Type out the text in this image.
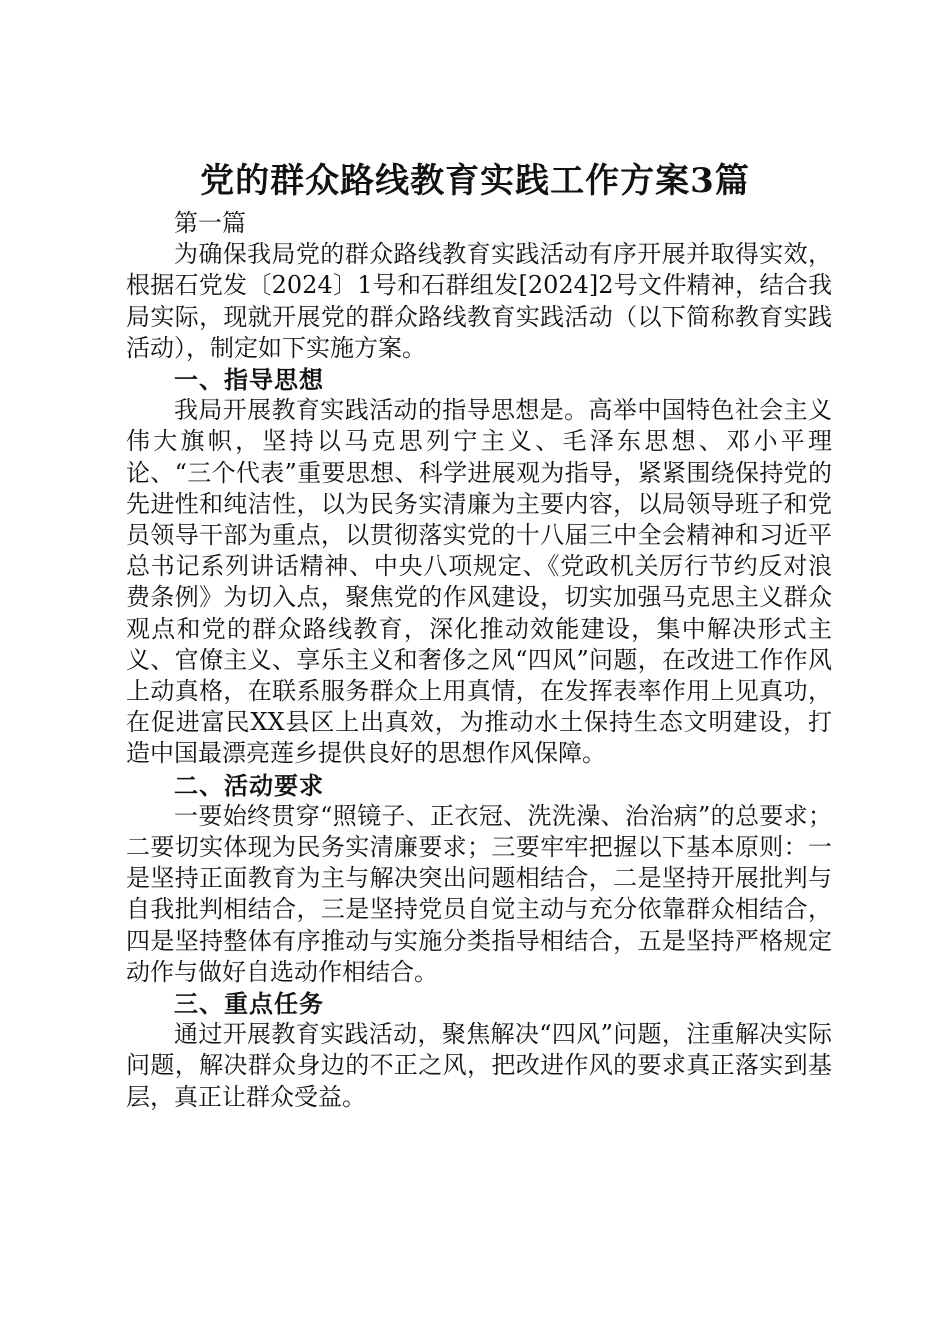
党的群众路线教育实践工作方案3篇

第一篇

为确保我局党的群众路线教育实践活动有序开展并取得实效，根据石党发〔2024〕1号和石群组发[2024]2号文件精神，结合我局实际，现就开展党的群众路线教育实践活动（以下简称教育实践活动），制定如下实施方案。

一、指导思想

我局开展教育实践活动的指导思想是。高举中国特色社会主义伟大旗帜，坚持以马克思列宁主义、毛泽东思想、邓小平理论、“三个代表”重要思想、科学进展观为指导，紧紧围绕保持党的先进性和纯洁性，以为民务实清廉为主要内容，以局领导班子和党员领导干部为重点，以贯彻落实党的十八届三中全会精神和习近平总书记系列讲话精神、中央八项规定、《党政机关厉行节约反对浪费条例》为切入点，聚焦党的作风建设，切实加强马克思主义群众观点和党的群众路线教育，深化推动效能建设，集中解决形式主义、官僚主义、享乐主义和奢侈之风“四风”问题，在改进工作作风上动真格，在联系服务群众上用真情，在发挥表率作用上见真功，在促进富民XX县区上出真效，为推动水土保持生态文明建设，打造中国最漂亮莲乡提供良好的思想作风保障。

二、活动要求

一要始终贯穿“照镜子、正衣冠、洗洗澡、治治病”的总要求；二要切实体现为民务实清廉要求；三要牢牢把握以下基本原则：一是坚持正面教育为主与解决突出问题相结合，二是坚持开展批判与自我批判相结合，三是坚持党员自觉主动与充分依靠群众相结合，四是坚持整体有序推动与实施分类指导相结合，五是坚持严格规定动作与做好自选动作相结合。

三、重点任务

通过开展教育实践活动，聚焦解决“四风”问题，注重解决实际问题，解决群众身边的不正之风，把改进作风的要求真正落实到基层，真正让群众受益。
